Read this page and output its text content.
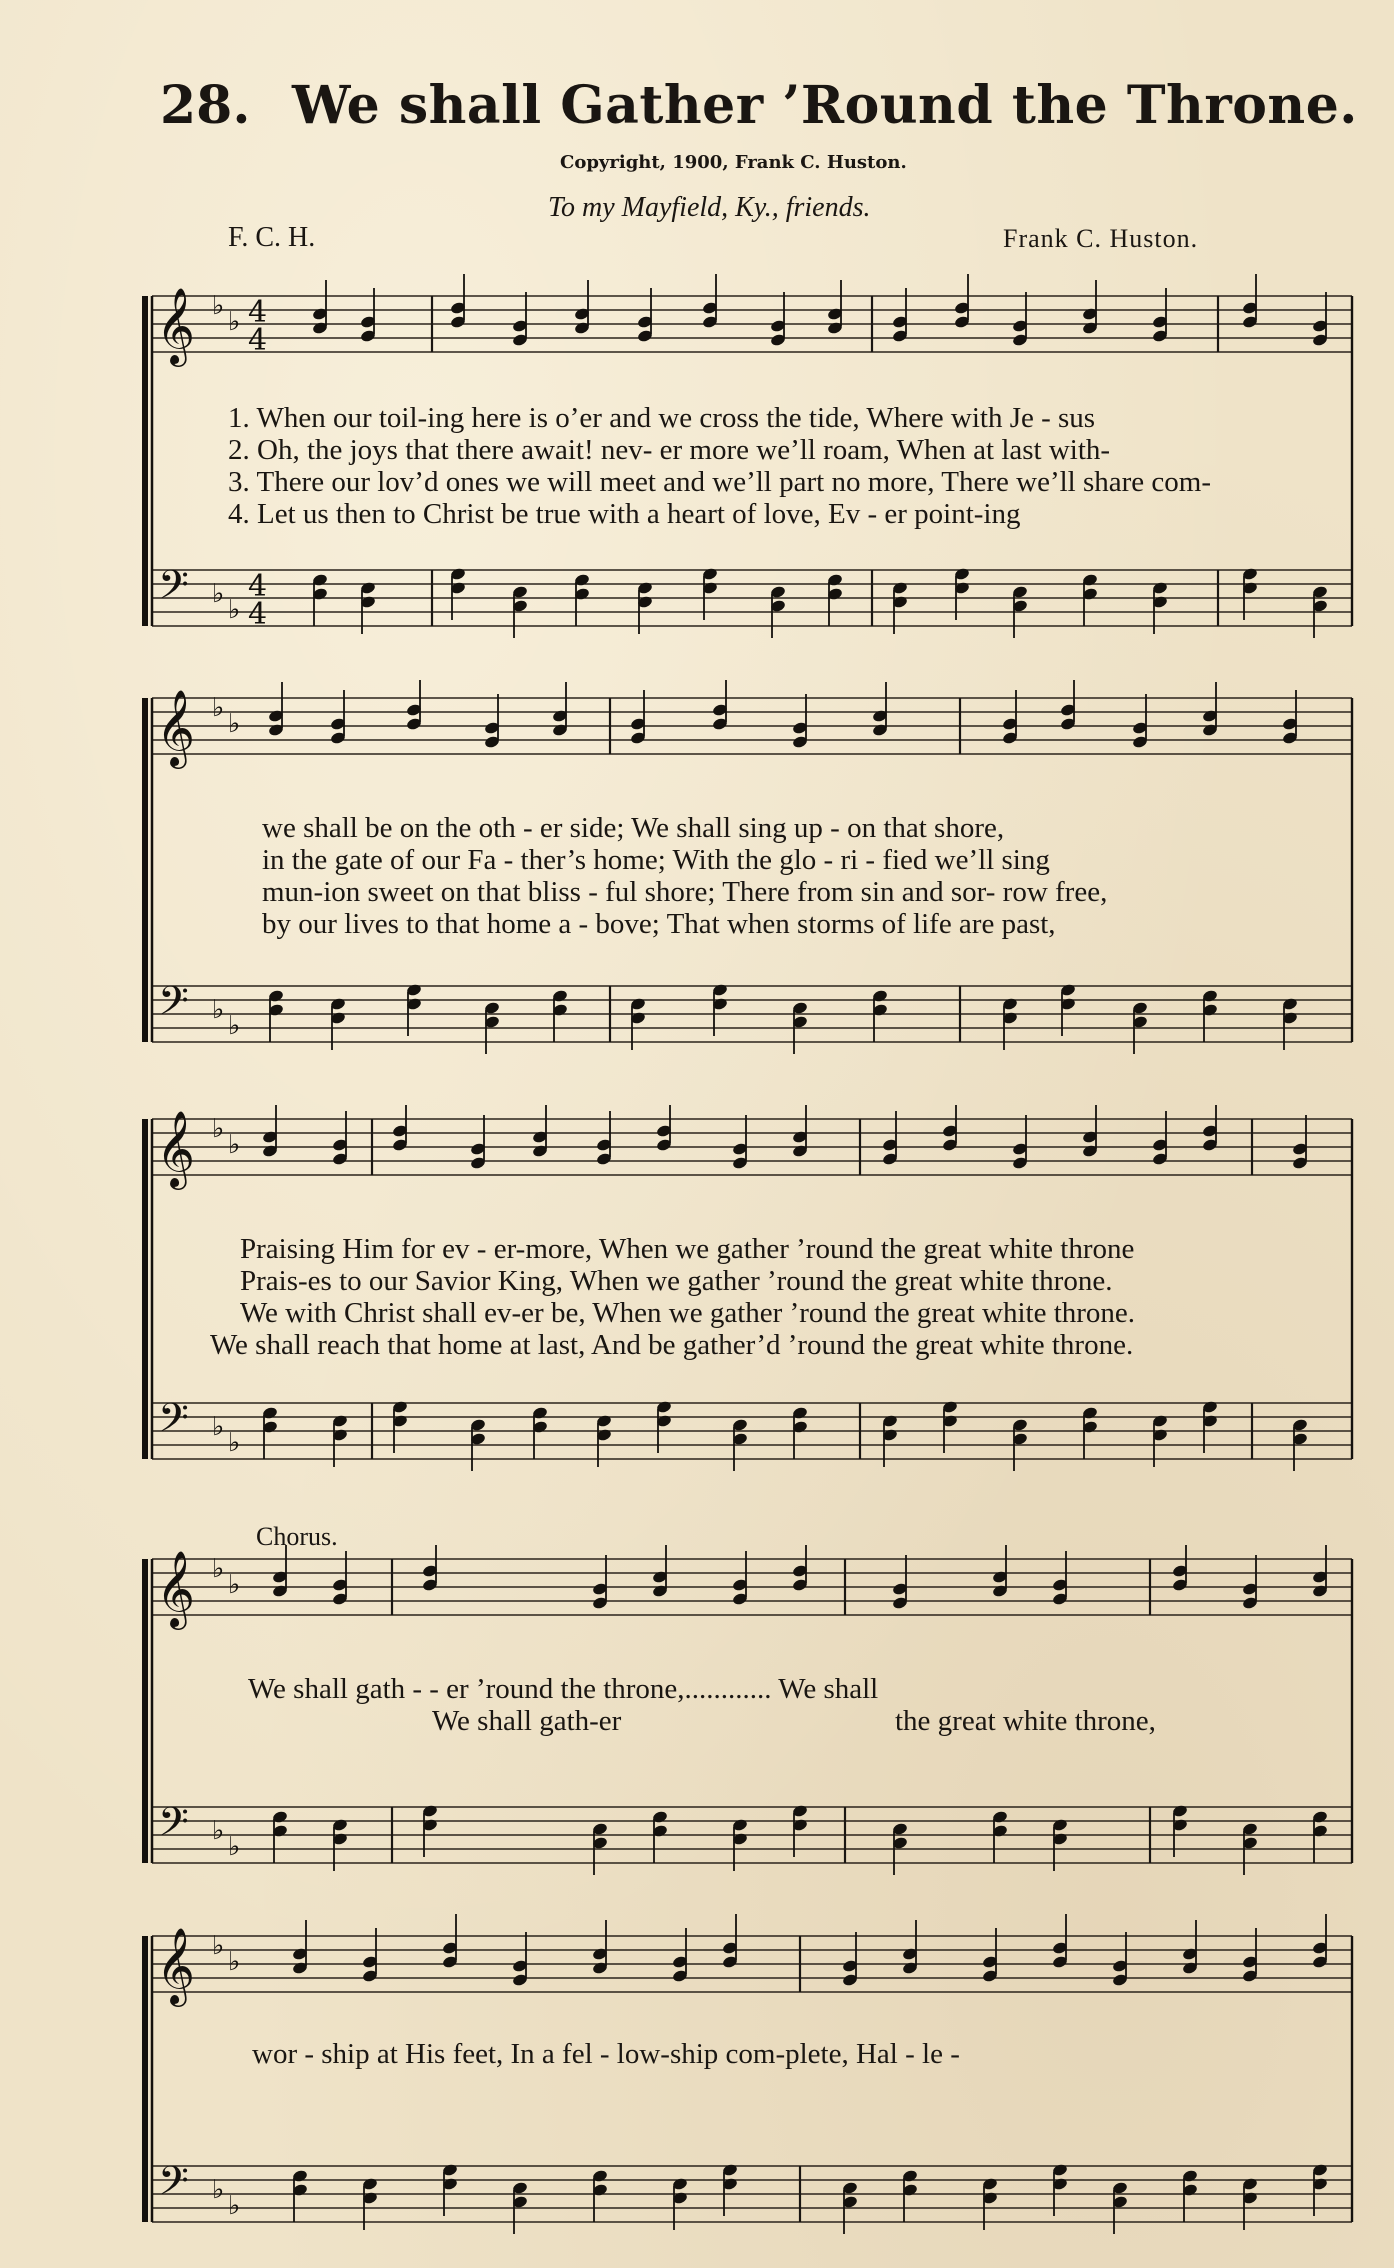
28. We shall Gather ’Round the Throne.
Copyright, 1900, Frank C. Huston.
To my Mayfield, Ky., friends.
F. C. H.	Frank C. Huston.
𝄞
𝄢
♭
♭
♭
♭
4
4
4
4
1. When our toil-ing here is o’er and we cross the tide, Where with Je - sus
2. Oh, the joys that there await! nev- er more we’ll roam, When at last with-
3. There our lov’d ones we will meet and we’ll part no more, There we’ll share com-
4. Let us then to Christ be true with a heart of love, Ev - er point-ing
𝄞
𝄢
♭
♭
♭
♭
we shall be on the oth - er side; We shall sing up - on that shore,
in the gate of our Fa - ther’s home; With the glo - ri - fied we’ll sing
mun-ion sweet on that bliss - ful shore; There from sin and sor- row free,
by our lives to that home a - bove; That when storms of life are past,
𝄞
𝄢
♭
♭
♭
♭
Praising Him for ev - er-more, When we gather ’round the great white throne
Prais-es to our Savior King, When we gather ’round the great white throne.
We with Christ shall ev-er be, When we gather ’round the great white throne.
We shall reach that home at last, And be gather’d ’round the great white throne.
Chorus.
𝄞
𝄢
♭
♭
♭
♭
We shall gath - - er ’round the throne,............ We shall
We shall gath-er	the great white throne,
𝄞
𝄢
♭
♭
♭
♭
wor - ship at His feet, In a fel - low-ship com-plete, Hal - le -
